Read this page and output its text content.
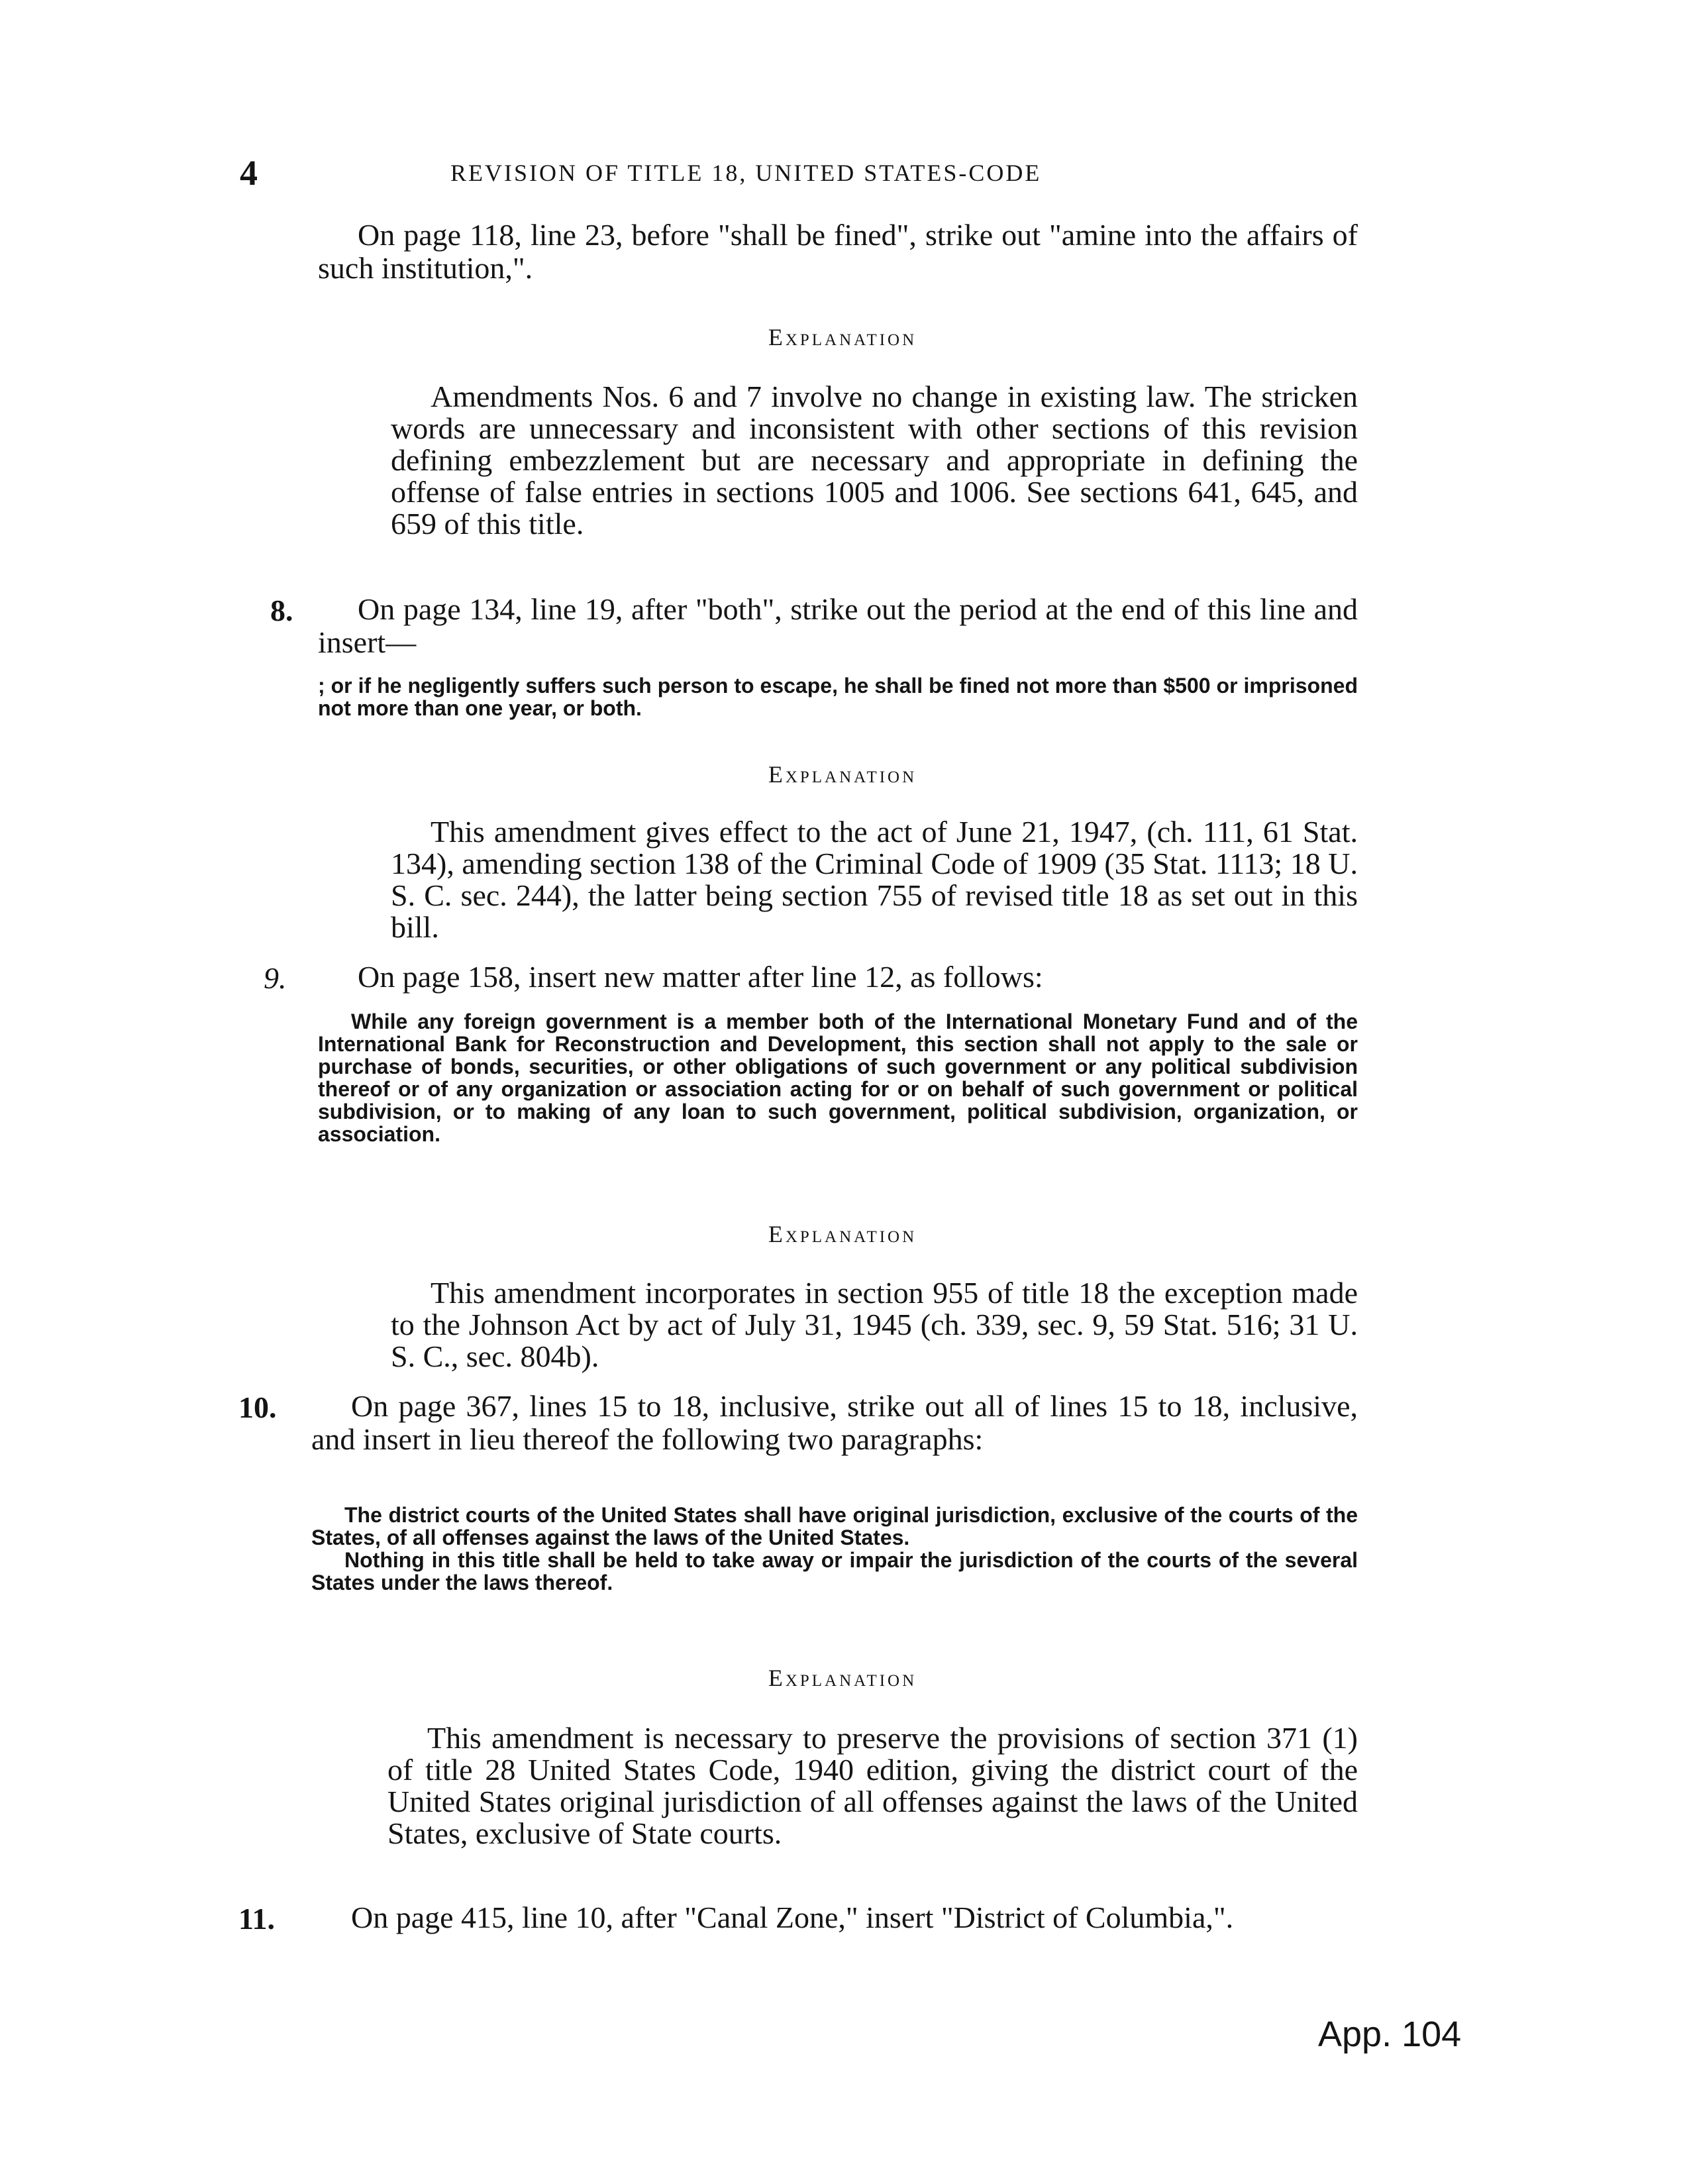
4	REVISION OF TITLE 18, UNITED STATES-CODE

On page 118, line 23, before "shall be fined", strike out "amine into the affairs of such institution,".

Explanation

Amendments Nos. 6 and 7 involve no change in existing law. The stricken words are unnecessary and inconsistent with other sections of this revision defining embezzlement but are necessary and appropriate in defining the offense of false entries in sections 1005 and 1006. See sections 641, 645, and 659 of this title.

8.	On page 134, line 19, after "both", strike out the period at the end of this line and insert—

; or if he negligently suffers such person to escape, he shall be fined not more than $500 or imprisoned not more than one year, or both.

Explanation

This amendment gives effect to the act of June 21, 1947, (ch. 111, 61 Stat. 134), amending section 138 of the Criminal Code of 1909 (35 Stat. 1113; 18 U. S. C. sec. 244), the latter being section 755 of revised title 18 as set out in this bill.

9.	On page 158, insert new matter after line 12, as follows:

While any foreign government is a member both of the International Monetary Fund and of the International Bank for Reconstruction and Development, this section shall not apply to the sale or purchase of bonds, securities, or other obligations of such government or any political subdivision thereof or of any organization or association acting for or on behalf of such government or political subdivision, or to making of any loan to such government, political subdivision, organization, or association.

Explanation

This amendment incorporates in section 955 of title 18 the exception made to the Johnson Act by act of July 31, 1945 (ch. 339, sec. 9, 59 Stat. 516; 31 U. S. C., sec. 804b).

10.	On page 367, lines 15 to 18, inclusive, strike out all of lines 15 to 18, inclusive, and insert in lieu thereof the following two paragraphs:

The district courts of the United States shall have original jurisdiction, exclusive of the courts of the States, of all offenses against the laws of the United States.

Nothing in this title shall be held to take away or impair the jurisdiction of the courts of the several States under the laws thereof.

Explanation

This amendment is necessary to preserve the provisions of section 371 (1) of title 28 United States Code, 1940 edition, giving the district court of the United States original jurisdiction of all offenses against the laws of the United States, exclusive of State courts.

11.	On page 415, line 10, after "Canal Zone," insert "District of Columbia,".

App. 104
